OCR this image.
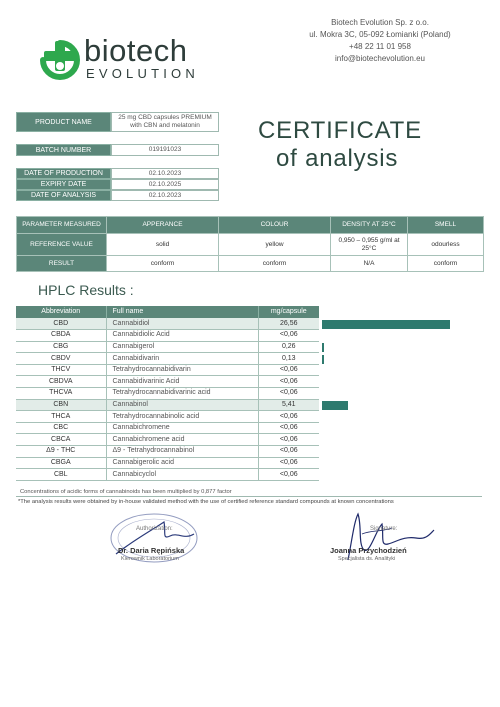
biotech
EVOLUTION
Biotech Evolution Sp. z o.o.
ul. Mokra 3C, 05-092 Łomianki (Poland)
+48 22 11 01 958
info@biotechevolution.eu
PRODUCT NAME
25 mg CBD capsules PREMIUM
with CBN and melatonin
BATCH NUMBER	019191023
DATE OF PRODUCTION	02.10.2023
EXPIRY DATE	02.10.2025
DATE OF ANALYSIS	02.10.2023
CERTIFICATE
of analysis
PARAMETER MEASURED	APPERANCE	COLOUR	DENSITY AT 25°C	SMELL
REFERENCE VALUE	solid	yellow	0,950 – 0,955 g/ml at 25°C	odourless
RESULT	conform	conform	N/A	conform
HPLC Results :
Abbreviation	Full name	mg/capsule
CBD	Cannabidiol	26,56
CBDA	Cannabidiolic Acid	<0,06
CBG	Cannabigerol	0,26
CBDV	Cannabidivarin	0,13
THCV	Tetrahydrocannabidivarin	<0,06
CBDVA	Cannabidivarinic Acid	<0,06
THCVA	Tetrahydrocannabidivarinic acid	<0,06
CBN	Cannabinol	5,41
THCA	Tetrahydrocannabinolic acid	<0,06
CBC	Cannabichromene	<0,06
CBCA	Cannabichromene acid	<0,06
Δ9 - THC	Δ9 - Tetrahydrocannabinol	<0,06
CBGA	Cannabigerolic acid	<0,06
CBL	Cannabicyclol	<0,06
Concentrations of acidic forms of cannabinoids has been multiplied by 0,877 factor
*The analysis results were obtained by in-house validated method with the use of certified reference standard compounds at known concentrations
Authorization:
Dr. Daria Rępińska
Kierownik Laboratorium
Signature:
Joanna Przychodzień
Specjalista ds. Analityki
